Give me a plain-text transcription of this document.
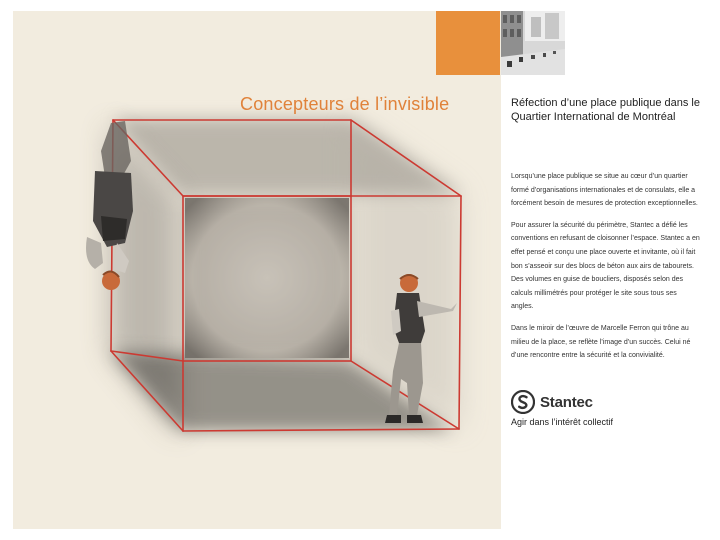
Concepteurs de l’invisible	Réfection d’une place publique dans le Quartier International de Montréal

Lorsqu’une place publique se situe au cœur d’un quartier formé d’organisations internationales et de consulats, elle a forcément besoin de mesures de protection exceptionnelles.

Pour assurer la sécurité du périmètre, Stantec a défié les conventions en refusant de cloisonner l’espace. Stantec a en effet pensé et conçu une place ouverte et invitante, où il fait bon s’asseoir sur des blocs de béton aux airs de tabourets. Des volumes en guise de boucliers, disposés selon des calculs millimétrés pour protéger le site sous tous ses angles.

Dans le miroir de l’œuvre de Marcelle Ferron qui trône au milieu de la place, se reflète l’image d’un succès. Celui né d’une rencontre entre la sécurité et la convivialité.

Stantec
Agir dans l’intérêt collectif
